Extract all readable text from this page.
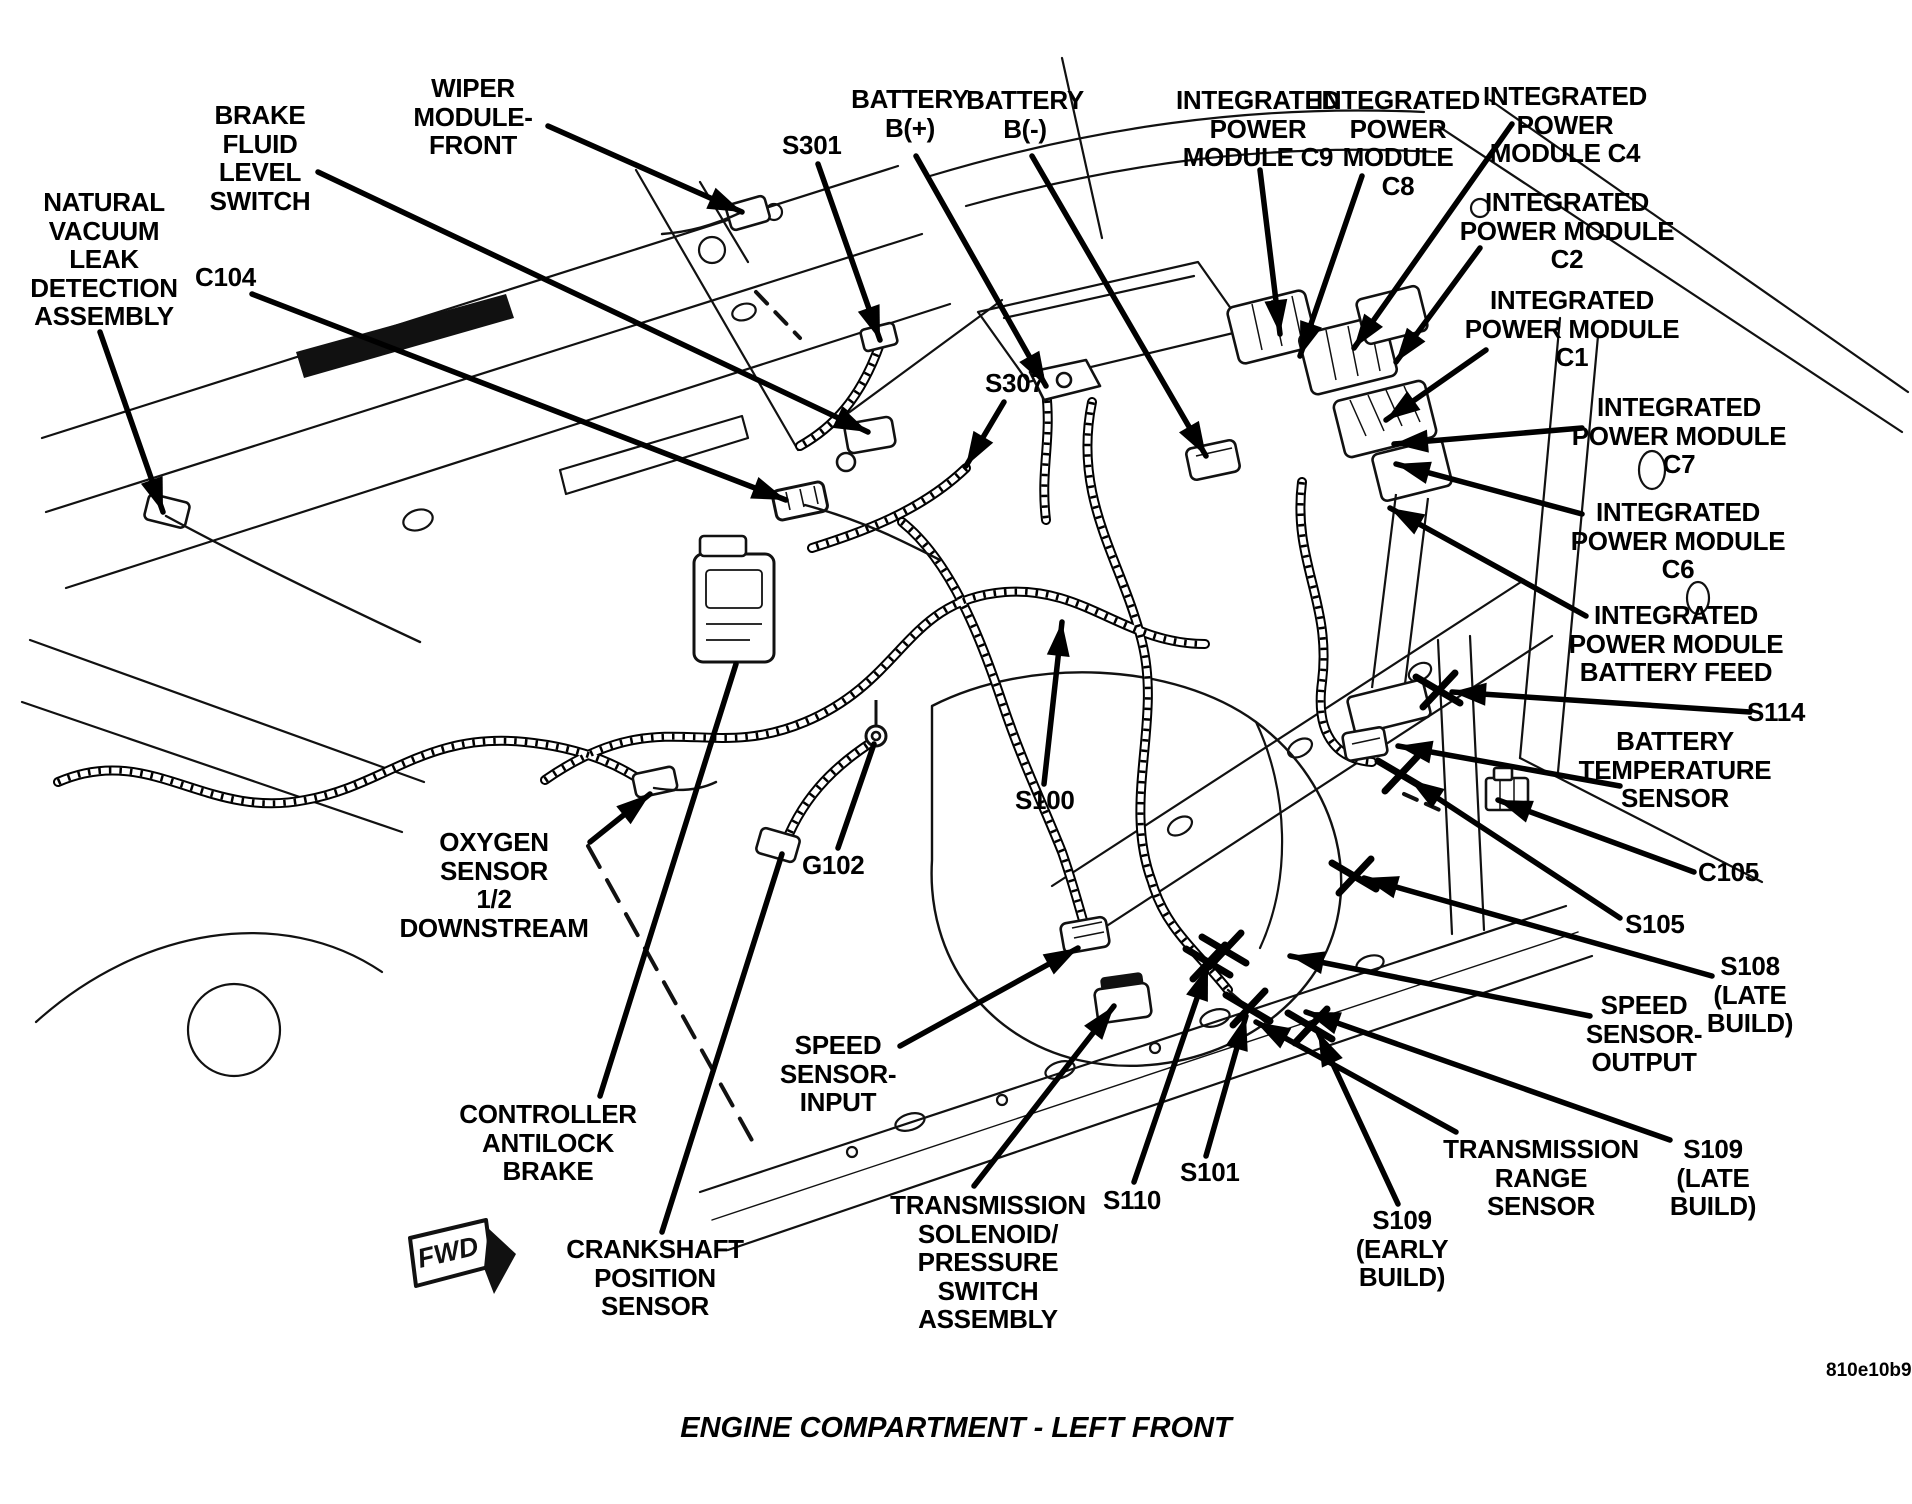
NATURAL
VACUUM
LEAK
DETECTION
ASSEMBLY
BRAKE
FLUID
LEVEL
SWITCH
C104
WIPER
MODULE-
FRONT	S301
BATTERY
B(+)
BATTERY
B(-)
INTEGRATED
POWER
MODULE C9
INTEGRATED
POWER
MODULE
C8
INTEGRATED
POWER
MODULE C4
INTEGRATED
POWER MODULE
C2
INTEGRATED
POWER MODULE
C1
INTEGRATED
POWER MODULE
C7
INTEGRATED
POWER MODULE
C6
INTEGRATED
POWER MODULE
BATTERY FEED
S114
BATTERY
TEMPERATURE
SENSOR
C105
S105
S108
(LATE
BUILD)
SPEED
SENSOR-
OUTPUT
S109
(LATE
BUILD)
TRANSMISSION
RANGE
SENSOR
S109
(EARLY
BUILD)
S101
S110
TRANSMISSION
SOLENOID/
PRESSURE
SWITCH
ASSEMBLY
SPEED
SENSOR-
INPUT
CRANKSHAFT
POSITION
SENSOR
CONTROLLER
ANTILOCK
BRAKE
OXYGEN
SENSOR
1/2
DOWNSTREAM
G102
S307
S100
FWD
ENGINE COMPARTMENT - LEFT FRONT
810e10b9
